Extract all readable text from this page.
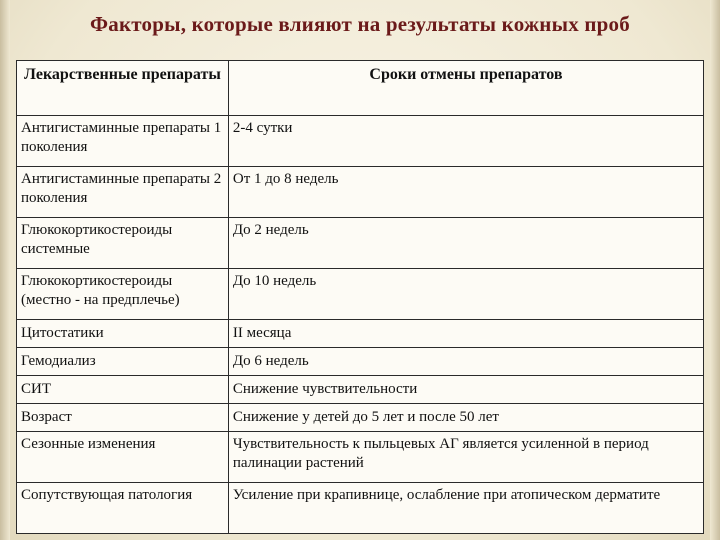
Факторы, которые влияют на результаты кожных проб
Лекарственные препараты	Сроки отмены препаратов
Антигистаминные препараты 1 поколения	2-4 сутки
Антигистаминные препараты 2 поколения	От 1 до 8 недель
Глюкокортикостероиды системные	До 2 недель
Глюкокортикостероиды (местно - на предплечье)	До 10 недель
Цитостатики	II месяца
Гемодиализ	До 6 недель
СИТ	Снижение чувствительности
Возраст	Снижение у детей до 5 лет и после 50 лет
Сезонные изменения	Чувствительность к пыльцевых АГ является усиленной в период палинации растений
Сопутствующая патология	Усиление при крапивнице, ослабление при атопическом дерматите
